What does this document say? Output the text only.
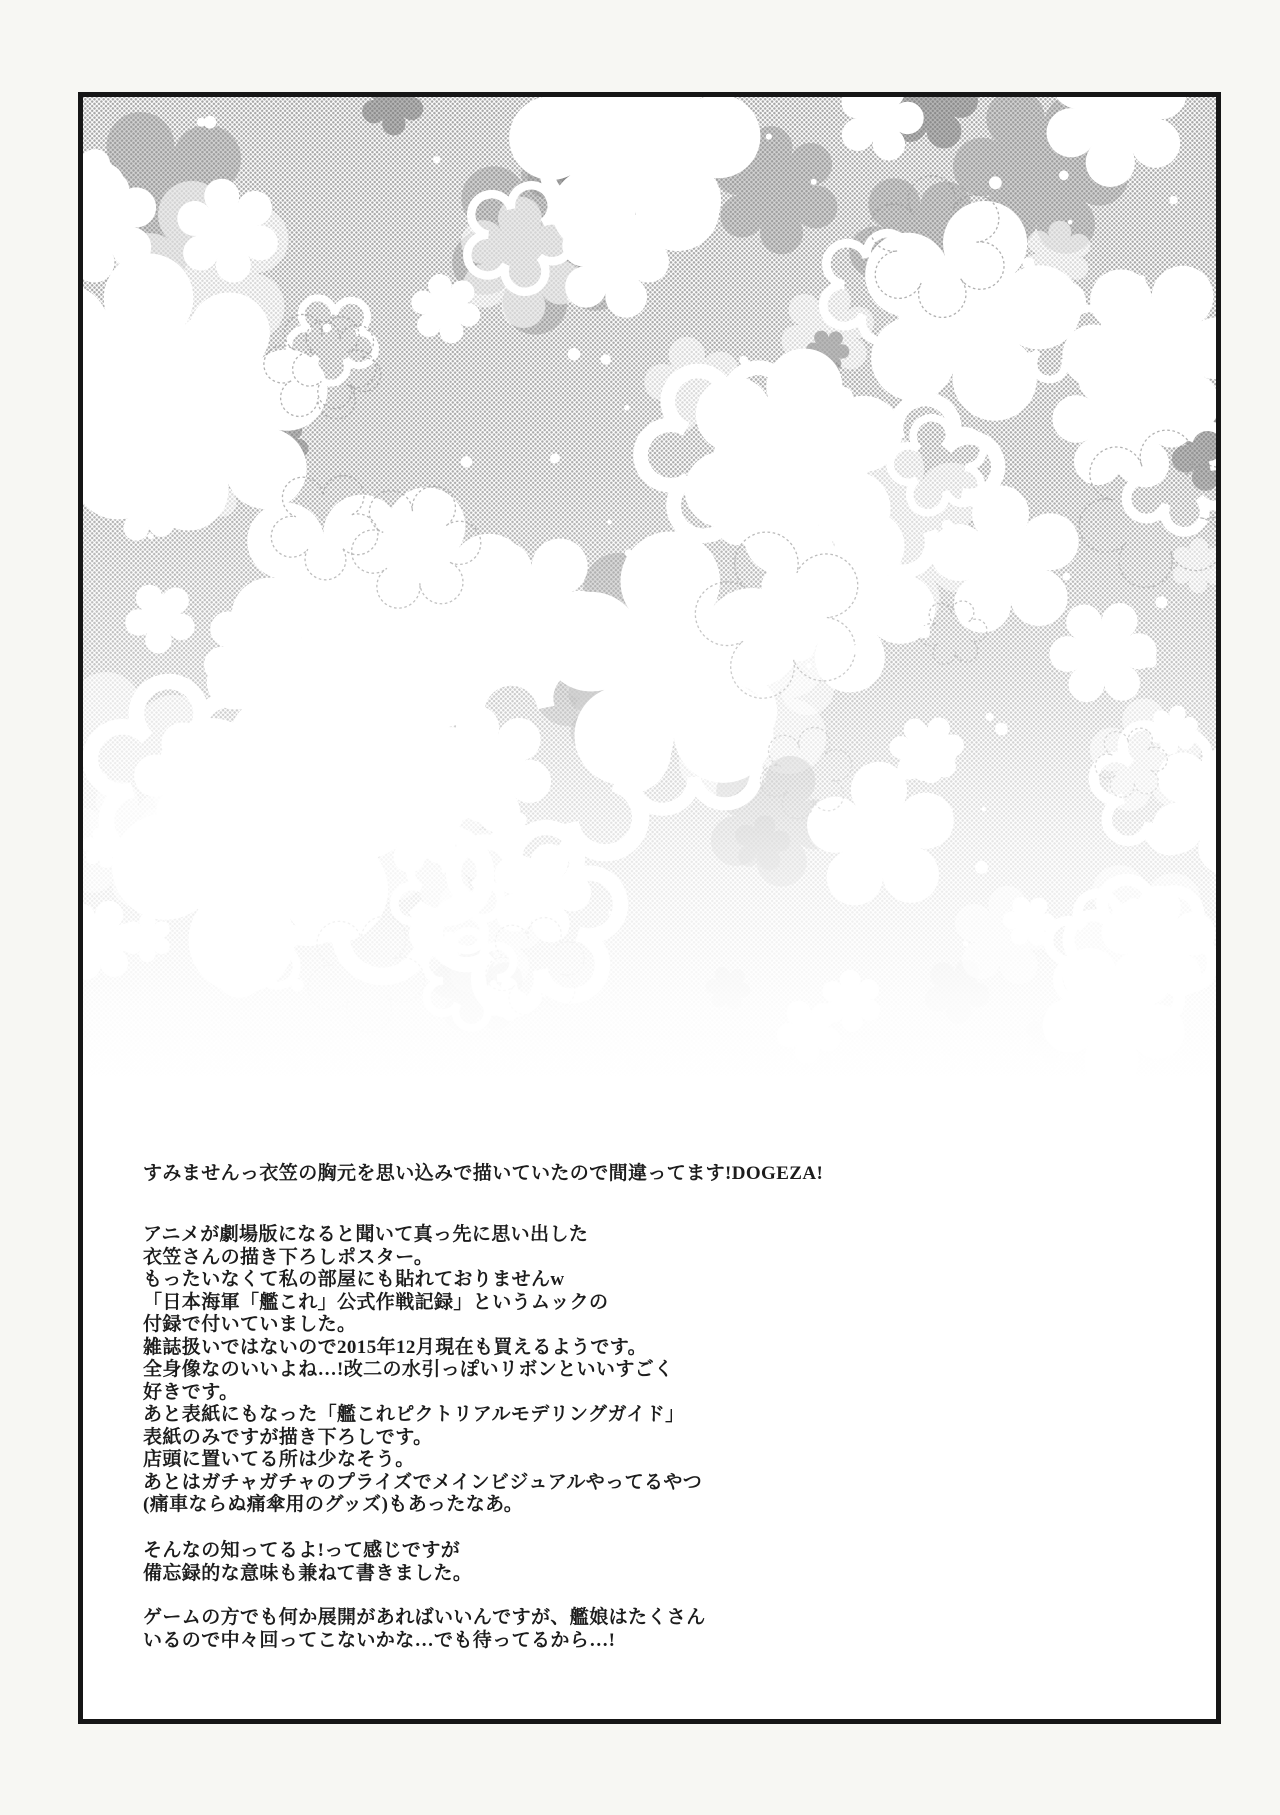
すみませんっ衣笠の胸元を思い込みで描いていたので間違ってます!DOGEZA!
アニメが劇場版になると聞いて真っ先に思い出した
衣笠さんの描き下ろしポスター。
もったいなくて私の部屋にも貼れておりませんw
「日本海軍「艦これ」公式作戦記録」というムックの
付録で付いていました。
雑誌扱いではないので2015年12月現在も買えるようです。
全身像なのいいよね…!改二の水引っぽいリボンといいすごく
好きです。
あと表紙にもなった「艦これピクトリアルモデリングガイド」
表紙のみですが描き下ろしです。
店頭に置いてる所は少なそう。
あとはガチャガチャのプライズでメインビジュアルやってるやつ
(痛車ならぬ痛傘用のグッズ)もあったなあ。
そんなの知ってるよ!って感じですが
備忘録的な意味も兼ねて書きました。
ゲームの方でも何か展開があればいいんですが、艦娘はたくさん
いるので中々回ってこないかな…でも待ってるから…!
